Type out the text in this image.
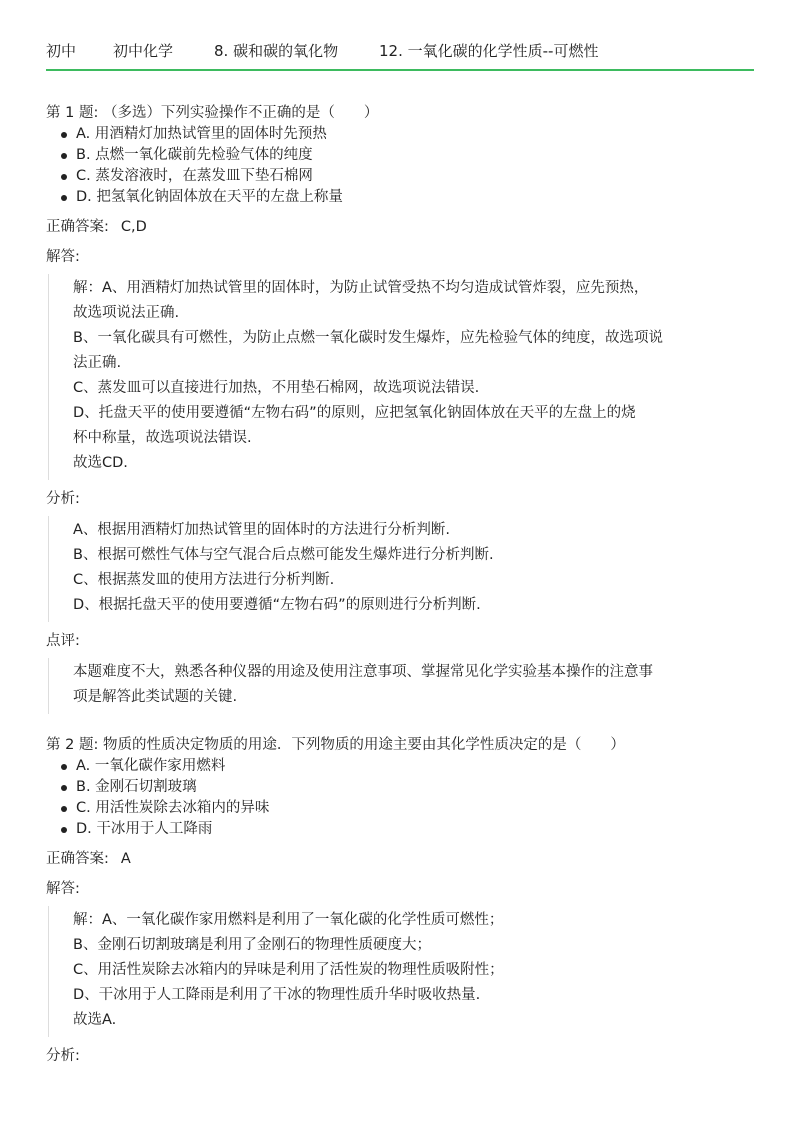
初中 初中化学	8. 碳和碳的氧化物	12. 一氧化碳的化学性质--可燃性
第 1 题: （多选）下列实验操作不正确的是（　　）
A. 用酒精灯加热试管里的固体时先预热
B. 点燃一氧化碳前先检验气体的纯度
C. 蒸发溶液时，在蒸发皿下垫石棉网
D. 把氢氧化钠固体放在天平的左盘上称量
正确答案: C,D
解答:

解：A、用酒精灯加热试管里的固体时，为防止试管受热不均匀造成试管炸裂，应先预热，

故选项说法正确.

B、一氧化碳具有可燃性，为防止点燃一氧化碳时发生爆炸，应先检验气体的纯度，故选项说

法正确.

C、蒸发皿可以直接进行加热，不用垫石棉网，故选项说法错误.

D、托盘天平的使用要遵循“左物右码”的原则，应把氢氧化钠固体放在天平的左盘上的烧

杯中称量，故选项说法错误.

故选CD.

分析:

A、根据用酒精灯加热试管里的固体时的方法进行分析判断.

B、根据可燃性气体与空气混合后点燃可能发生爆炸进行分析判断.

C、根据蒸发皿的使用方法进行分析判断.

D、根据托盘天平的使用要遵循“左物右码”的原则进行分析判断.

点评:

本题难度不大，熟悉各种仪器的用途及使用注意事项、掌握常见化学实验基本操作的注意事

项是解答此类试题的关键.

第 2 题: 物质的性质决定物质的用途．下列物质的用途主要由其化学性质决定的是（　　）
A. 一氧化碳作家用燃料
B. 金刚石切割玻璃
C. 用活性炭除去冰箱内的异味
D. 干冰用于人工降雨
正确答案: A
解答:

解：A、一氧化碳作家用燃料是利用了一氧化碳的化学性质可燃性；

B、金刚石切割玻璃是利用了金刚石的物理性质硬度大；

C、用活性炭除去冰箱内的异味是利用了活性炭的物理性质吸附性；

D、干冰用于人工降雨是利用了干冰的物理性质升华时吸收热量.

故选A.

分析:
